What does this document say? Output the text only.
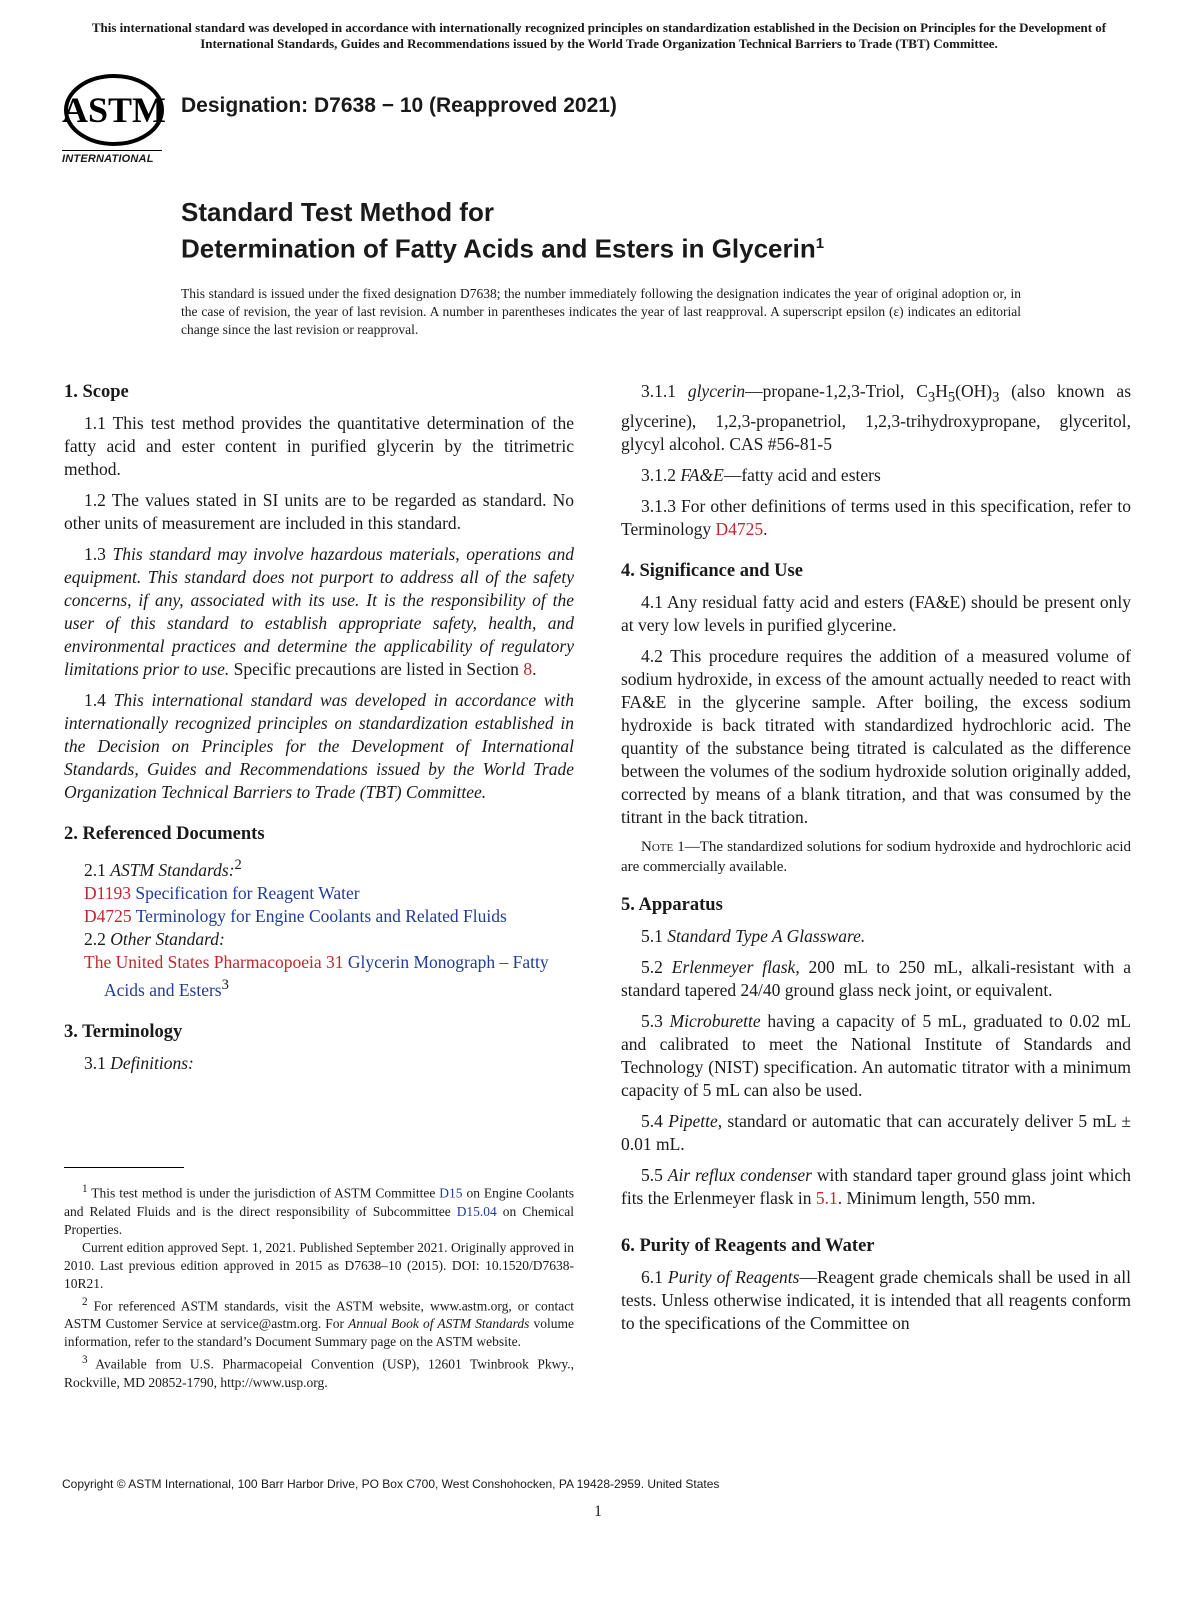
This international standard was developed in accordance with internationally recognized principles on standardization established in the Decision on Principles for the Development of International Standards, Guides and Recommendations issued by the World Trade Organization Technical Barriers to Trade (TBT) Committee.
ASTM
INTERNATIONAL
Designation: D7638 − 10 (Reapproved 2021)
Standard Test Method for
Determination of Fatty Acids and Esters in Glycerin$^1$
This standard is issued under the fixed designation D7638; the number immediately following the designation indicates the year of original adoption or, in the case of revision, the year of last revision. A number in parentheses indicates the year of last reapproval. A superscript epsilon (ε) indicates an editorial change since the last revision or reapproval.
1. Scope

1.1 This test method provides the quantitative determination of the fatty acid and ester content in purified glycerin by the titrimetric method.

1.2 The values stated in SI units are to be regarded as standard. No other units of measurement are included in this standard.

1.3 This standard may involve hazardous materials, operations and equipment. This standard does not purport to address all of the safety concerns, if any, associated with its use. It is the responsibility of the user of this standard to establish appropriate safety, health, and environmental practices and determine the applicability of regulatory limitations prior to use. Specific precautions are listed in Section 8.

1.4 This international standard was developed in accordance with internationally recognized principles on standardization established in the Decision on Principles for the Development of International Standards, Guides and Recommendations issued by the World Trade Organization Technical Barriers to Trade (TBT) Committee.

2. Referenced Documents

2.1 ASTM Standards:$^2$

D1193 Specification for Reagent Water

D4725 Terminology for Engine Coolants and Related Fluids

2.2 Other Standard:

The United States Pharmacopoeia 31 Glycerin Monograph – Fatty Acids and Esters$^3$

3. Terminology

3.1 Definitions:

$^1$ This test method is under the jurisdiction of ASTM Committee D15 on Engine Coolants and Related Fluids and is the direct responsibility of Subcommittee D15.04 on Chemical Properties.

Current edition approved Sept. 1, 2021. Published September 2021. Originally approved in 2010. Last previous edition approved in 2015 as D7638–10 (2015). DOI: 10.1520/D7638-10R21.

$^2$ For referenced ASTM standards, visit the ASTM website, www.astm.org, or contact ASTM Customer Service at service@astm.org. For Annual Book of ASTM Standards volume information, refer to the standard’s Document Summary page on the ASTM website.

$^3$ Available from U.S. Pharmacopeial Convention (USP), 12601 Twinbrook Pkwy., Rockville, MD 20852-1790, http://www.usp.org.

3.1.1 glycerin—propane-1,2,3-Triol, $C_3H_5(OH)_3$ (also known as glycerine), 1,2,3-propanetriol, 1,2,3-trihydroxypropane, glyceritol, glycyl alcohol. CAS #56-81-5

3.1.2 FA&E—fatty acid and esters

3.1.3 For other definitions of terms used in this specification, refer to Terminology D4725.

4. Significance and Use

4.1 Any residual fatty acid and esters (FA&E) should be present only at very low levels in purified glycerine.

4.2 This procedure requires the addition of a measured volume of sodium hydroxide, in excess of the amount actually needed to react with FA&E in the glycerine sample. After boiling, the excess sodium hydroxide is back titrated with standardized hydrochloric acid. The quantity of the substance being titrated is calculated as the difference between the volumes of the sodium hydroxide solution originally added, corrected by means of a blank titration, and that was consumed by the titrant in the back titration.

Note 1—The standardized solutions for sodium hydroxide and hydrochloric acid are commercially available.

5. Apparatus

5.1 Standard Type A Glassware.

5.2 Erlenmeyer flask, 200 mL to 250 mL, alkali-resistant with a standard tapered 24/40 ground glass neck joint, or equivalent.

5.3 Microburette having a capacity of 5 mL, graduated to 0.02 mL and calibrated to meet the National Institute of Standards and Technology (NIST) specification. An automatic titrator with a minimum capacity of 5 mL can also be used.

5.4 Pipette, standard or automatic that can accurately deliver 5 mL ± 0.01 mL.

5.5 Air reflux condenser with standard taper ground glass joint which fits the Erlenmeyer flask in 5.1. Minimum length, 550 mm.

6. Purity of Reagents and Water

6.1 Purity of Reagents—Reagent grade chemicals shall be used in all tests. Unless otherwise indicated, it is intended that all reagents conform to the specifications of the Committee on

Copyright © ASTM International, 100 Barr Harbor Drive, PO Box C700, West Conshohocken, PA 19428-2959. United States
1
